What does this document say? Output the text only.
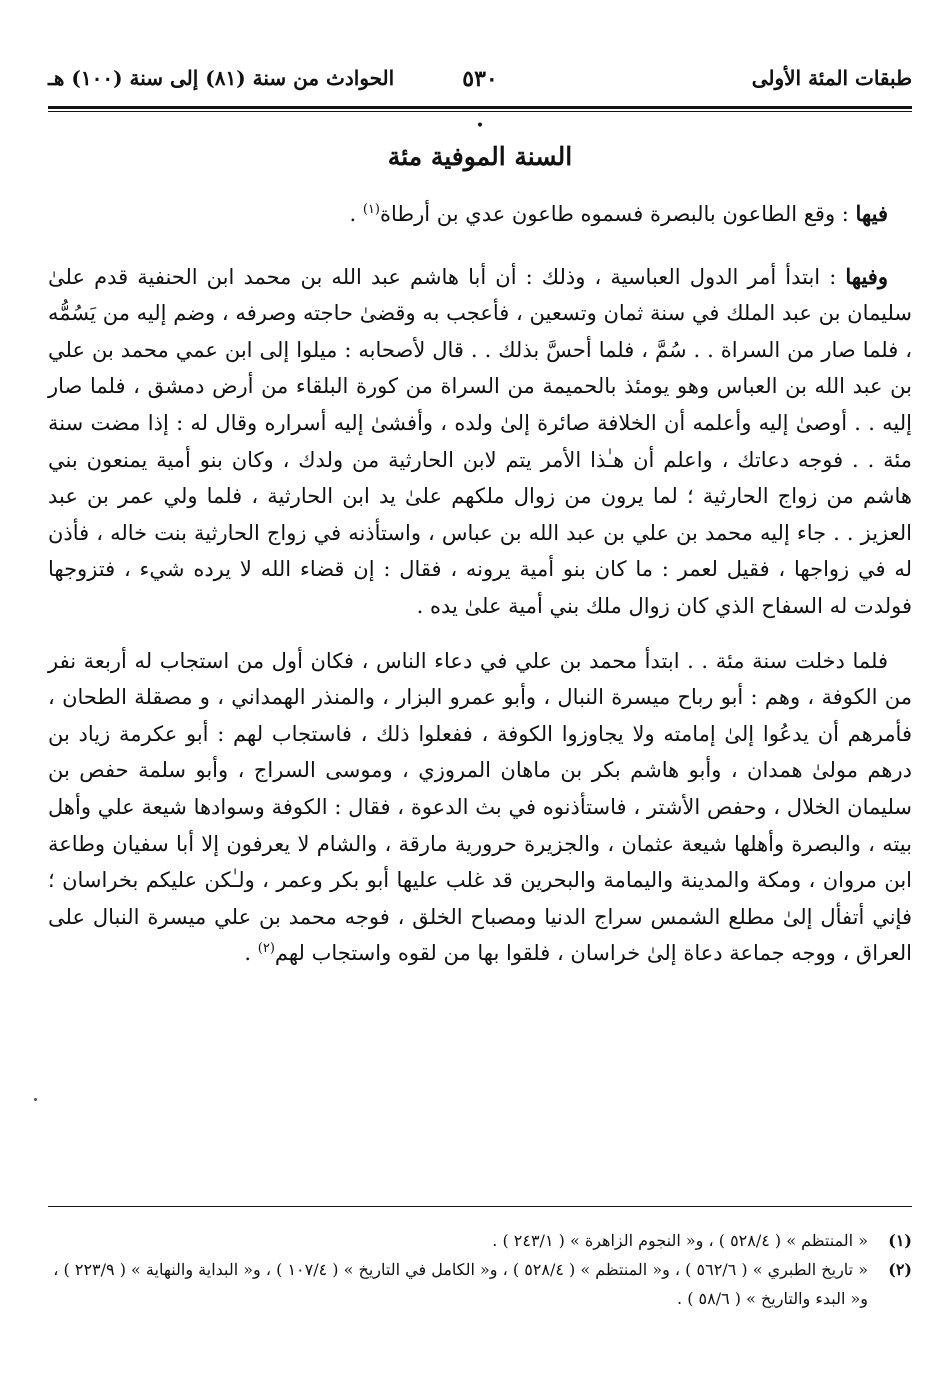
طبقات المئة الأولى
٥٣٠
الحوادث من سنة (٨١) إلى سنة (١٠٠) هـ
•
السنة الموفية مئة

فيها : وقع الطاعون بالبصرة فسموه طاعون عدي بن أرطاة$^{(١)}$ .

وفيها : ابتدأ أمر الدول العباسية ، وذلك : أن أبا هاشم عبد الله بن محمد ابن الحنفية قدم علىٰ سليمان بن عبد الملك في سنة ثمان وتسعين ، فأعجب به وقضىٰ حاجته وصرفه ، وضم إليه من يَسُمُّه ، فلما صار من السراة . . سُمَّ ، فلما أحسَّ بذلك . . قال لأصحابه : ميلوا إلى ابن عمي محمد بن علي بن عبد الله بن العباس وهو يومئذ بالحميمة من السراة من كورة البلقاء من أرض دمشق ، فلما صار إليه . . أوصىٰ إليه وأعلمه أن الخلافة صائرة إلىٰ ولده ، وأفشىٰ إليه أسراره وقال له : إذا مضت سنة مئة . . فوجه دعاتك ، واعلم أن هـٰذا الأمر يتم لابن الحارثية من ولدك ، وكان بنو أمية يمنعون بني هاشم من زواج الحارثية ؛ لما يرون من زوال ملكهم علىٰ يد ابن الحارثية ، فلما ولي عمر بن عبد العزيز . . جاء إليه محمد بن علي بن عبد الله بن عباس ، واستأذنه في زواج الحارثية بنت خاله ، فأذن له في زواجها ، فقيل لعمر : ما كان بنو أمية يرونه ، فقال : إن قضاء الله لا يرده شيء ، فتزوجها فولدت له السفاح الذي كان زوال ملك بني أمية علىٰ يده .

فلما دخلت سنة مئة . . ابتدأ محمد بن علي في دعاء الناس ، فكان أول من استجاب له أربعة نفر من الكوفة ، وهم : أبو رباح ميسرة النبال ، وأبو عمرو البزار ، والمنذر الهمداني ، و مصقلة الطحان ، فأمرهم أن يدعُوا إلىٰ إمامته ولا يجاوزوا الكوفة ، ففعلوا ذلك ، فاستجاب لهم : أبو عكرمة زياد بن درهم مولىٰ همدان ، وأبو هاشم بكر بن ماهان المروزي ، وموسى السراج ، وأبو سلمة حفص بن سليمان الخلال ، وحفص الأشتر ، فاستأذنوه في بث الدعوة ، فقال : الكوفة وسوادها شيعة علي وأهل بيته ، والبصرة وأهلها شيعة عثمان ، والجزيرة حرورية مارقة ، والشام لا يعرفون إلا أبا سفيان وطاعة ابن مروان ، ومكة والمدينة واليمامة والبحرين قد غلب عليها أبو بكر وعمر ، ولـٰكن عليكم بخراسان ؛ فإني أتفأل إلىٰ مطلع الشمس سراج الدنيا ومصباح الخلق ، فوجه محمد بن علي ميسرة النبال على العراق ، ووجه جماعة دعاة إلىٰ خراسان ، فلقوا بها من لقوه واستجاب لهم$^{(٢)}$ .

(١)
« المنتظم » ( ٥٢٨/٤ ) ، و« النجوم الزاهرة » ( ٢٤٣/١ ) .
(٢)
« تاريخ الطبري » ( ٥٦٢/٦ ) ، و« المنتظم » ( ٥٢٨/٤ ) ، و« الكامل في التاريخ » ( ١٠٧/٤ ) ، و« البداية والنهاية » ( ٢٢٣/٩ ) ، و« البدء والتاريخ » ( ٥٨/٦ ) .
